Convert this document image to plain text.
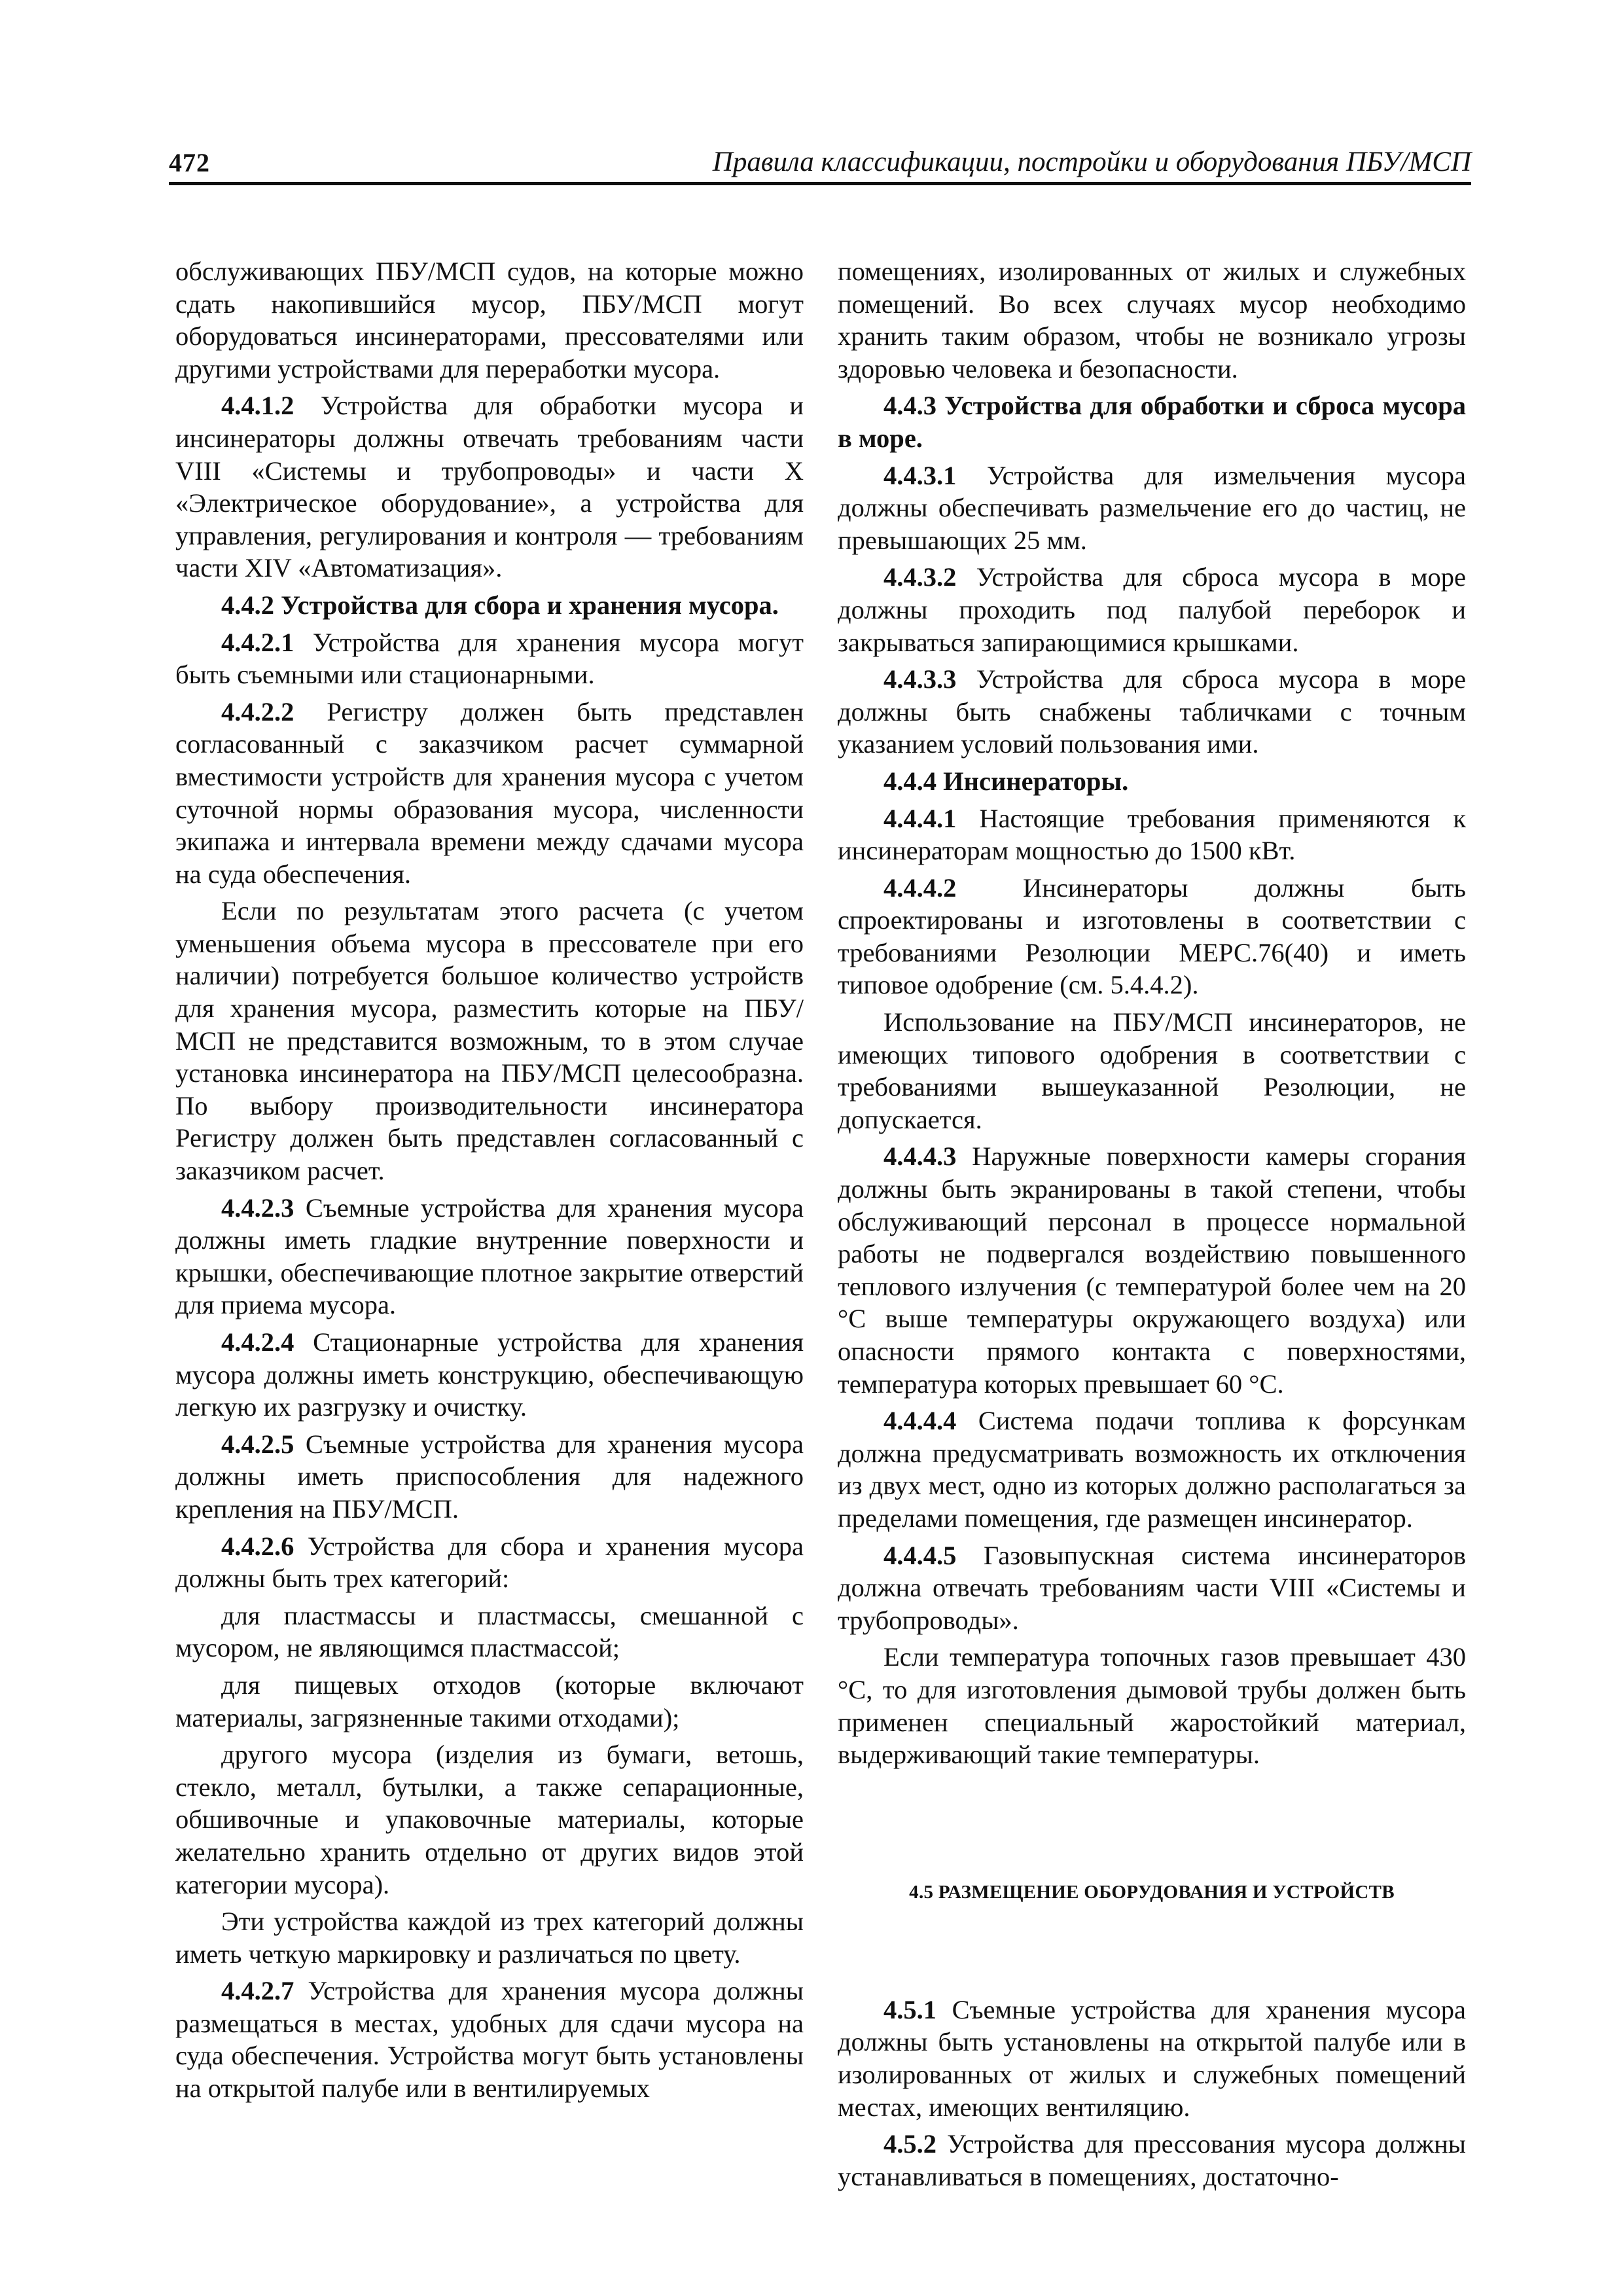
472	Правила классификации, постройки и оборудования ПБУ/МСП

обслуживающих ПБУ/МСП судов, на которые можно сдать накопившийся мусор, ПБУ/МСП могут оборудоваться инсинераторами, прессователями или другими устройствами для переработки мусора.

4.4.1.2 Устройства для обработки мусора и инсинераторы должны отвечать требованиям части VIII «Системы и трубопроводы» и части X «Электрическое оборудование», а устройства для управления, регулирования и контроля — требованиям части XIV «Автоматизация».

4.4.2 Устройства для сбора и хранения мусора.

4.4.2.1 Устройства для хранения мусора могут быть съемными или стационарными.

4.4.2.2 Регистру должен быть представлен согласованный с заказчиком расчет суммарной вместимости устройств для хранения мусора с учетом суточной нормы образования мусора, численности экипажа и интервала времени между сдачами мусора на суда обеспечения.

Если по результатам этого расчета (с учетом уменьшения объема мусора в прессователе при его наличии) потребуется большое количество устройств для хранения мусора, разместить которые на ПБУ/МСП не представится возможным, то в этом случае установка инсинератора на ПБУ/МСП целесообразна. По выбору производительности инсинератора Регистру должен быть представлен согласованный с заказчиком расчет.

4.4.2.3 Съемные устройства для хранения мусора должны иметь гладкие внутренние поверхности и крышки, обеспечивающие плотное закрытие отверстий для приема мусора.

4.4.2.4 Стационарные устройства для хранения мусора должны иметь конструкцию, обеспечивающую легкую их разгрузку и очистку.

4.4.2.5 Съемные устройства для хранения мусора должны иметь приспособления для надежного крепления на ПБУ/МСП.

4.4.2.6 Устройства для сбора и хранения мусора должны быть трех категорий:

для пластмассы и пластмассы, смешанной с мусором, не являющимся пластмассой;

для пищевых отходов (которые включают материалы, загрязненные такими отходами);

другого мусора (изделия из бумаги, ветошь, стекло, металл, бутылки, а также сепарационные, обшивочные и упаковочные материалы, которые желательно хранить отдельно от других видов этой категории мусора).

Эти устройства каждой из трех категорий должны иметь четкую маркировку и различаться по цвету.

4.4.2.7 Устройства для хранения мусора должны размещаться в местах, удобных для сдачи мусора на суда обеспечения. Устройства могут быть установлены на открытой палубе или в вентилируемых

помещениях, изолированных от жилых и служебных помещений. Во всех случаях мусор необходимо хранить таким образом, чтобы не возникало угрозы здоровью человека и безопасности.

4.4.3 Устройства для обработки и сброса мусора в море.

4.4.3.1 Устройства для измельчения мусора должны обеспечивать размельчение его до частиц, не превышающих 25 мм.

4.4.3.2 Устройства для сброса мусора в море должны проходить под палубой переборок и закрываться запирающимися крышками.

4.4.3.3 Устройства для сброса мусора в море должны быть снабжены табличками с точным указанием условий пользования ими.

4.4.4 Инсинераторы.

4.4.4.1 Настоящие требования применяются к инсинераторам мощностью до 1500 кВт.

4.4.4.2 Инсинераторы должны быть спроектированы и изготовлены в соответствии с требованиями Резолюции МЕРС.76(40) и иметь типовое одобрение (см. 5.4.4.2).

Использование на ПБУ/МСП инсинераторов, не имеющих типового одобрения в соответствии с требованиями вышеуказанной Резолюции, не допускается.

4.4.4.3 Наружные поверхности камеры сгорания должны быть экранированы в такой степени, чтобы обслуживающий персонал в процессе нормальной работы не подвергался воздействию повышенного теплового излучения (с температурой более чем на 20 °С выше температуры окружающего воздуха) или опасности прямого контакта с поверхностями, температура которых превышает 60 °С.

4.4.4.4 Система подачи топлива к форсункам должна предусматривать возможность их отключения из двух мест, одно из которых должно располагаться за пределами помещения, где размещен инсинератор.

4.4.4.5 Газовыпускная система инсинераторов должна отвечать требованиям части VIII «Системы и трубопроводы».

Если температура топочных газов превышает 430 °С, то для изготовления дымовой трубы должен быть применен специальный жаростойкий материал, выдерживающий такие температуры.

4.5 РАЗМЕЩЕНИЕ ОБОРУДОВАНИЯ И УСТРОЙСТВ

4.5.1 Съемные устройства для хранения мусора должны быть установлены на открытой палубе или в изолированных от жилых и служебных помещений местах, имеющих вентиляцию.

4.5.2 Устройства для прессования мусора должны устанавливаться в помещениях, достаточно-
